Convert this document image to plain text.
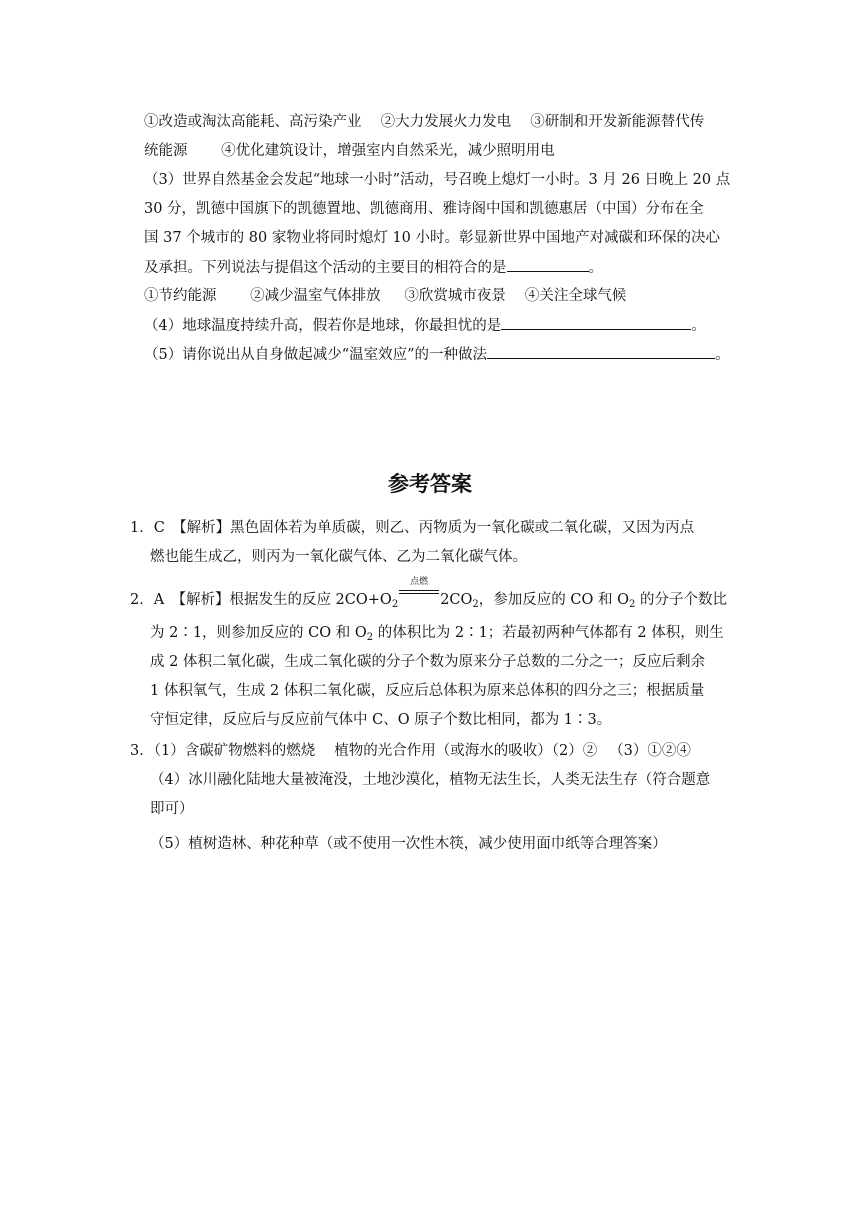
①改造或淘汰高能耗、高污染产业　 ②大力发展火力发电 　③研制和开发新能源替代传
统能源　　 ④优化建筑设计，增强室内自然采光，减少照明用电
（3）世界自然基金会发起“地球一小时”活动，号召晚上熄灯一小时。3 月 26 日晚上 20 点
30 分，凯德中国旗下的凯德置地、凯德商用、雅诗阁中国和凯德惠居（中国）分布在全
国 37 个城市的 80 家物业将同时熄灯 10 小时。彰显新世界中国地产对减碳和环保的决心
及承担。下列说法与提倡这个活动的主要目的相符合的是	。
①节约能源 　　②减少温室气体排放 　 ③欣赏城市夜景　 ④关注全球气候
（4）地球温度持续升高，假若你是地球，你最担忧的是	。
（5）请你说出从自身做起减少“温室效应”的一种做法	。
参考答案
1．C　【解析】黑色固体若为单质碳，则乙、丙物质为一氧化碳或二氧化碳，又因为丙点
燃也能生成乙，则丙为一氧化碳气体、乙为二氧化碳气体。
2．A　【解析】根据发生的反应 $2CO+O_2$
点燃
$2CO_2$，参加反应的 CO 和 $O_2$ 的分子个数比
为 2∶1，则参加反应的 CO 和 $O_2$ 的体积比为 2∶1；若最初两种气体都有 2 体积，则生
成 2 体积二氧化碳，生成二氧化碳的分子个数为原来分子总数的二分之一；反应后剩余
1 体积氧气，生成 2 体积二氧化碳，反应后总体积为原来总体积的四分之三；根据质量
守恒定律，反应后与反应前气体中 C、O 原子个数比相同，都为 1∶3。
3．（1）含碳矿物燃料的燃烧　 植物的光合作用（或海水的吸收）（2）② 　（3）①②④
（4）冰川融化陆地大量被淹没，土地沙漠化，植物无法生长，人类无法生存（符合题意
即可）
（5）植树造林、种花种草（或不使用一次性木筷，减少使用面巾纸等合理答案）
